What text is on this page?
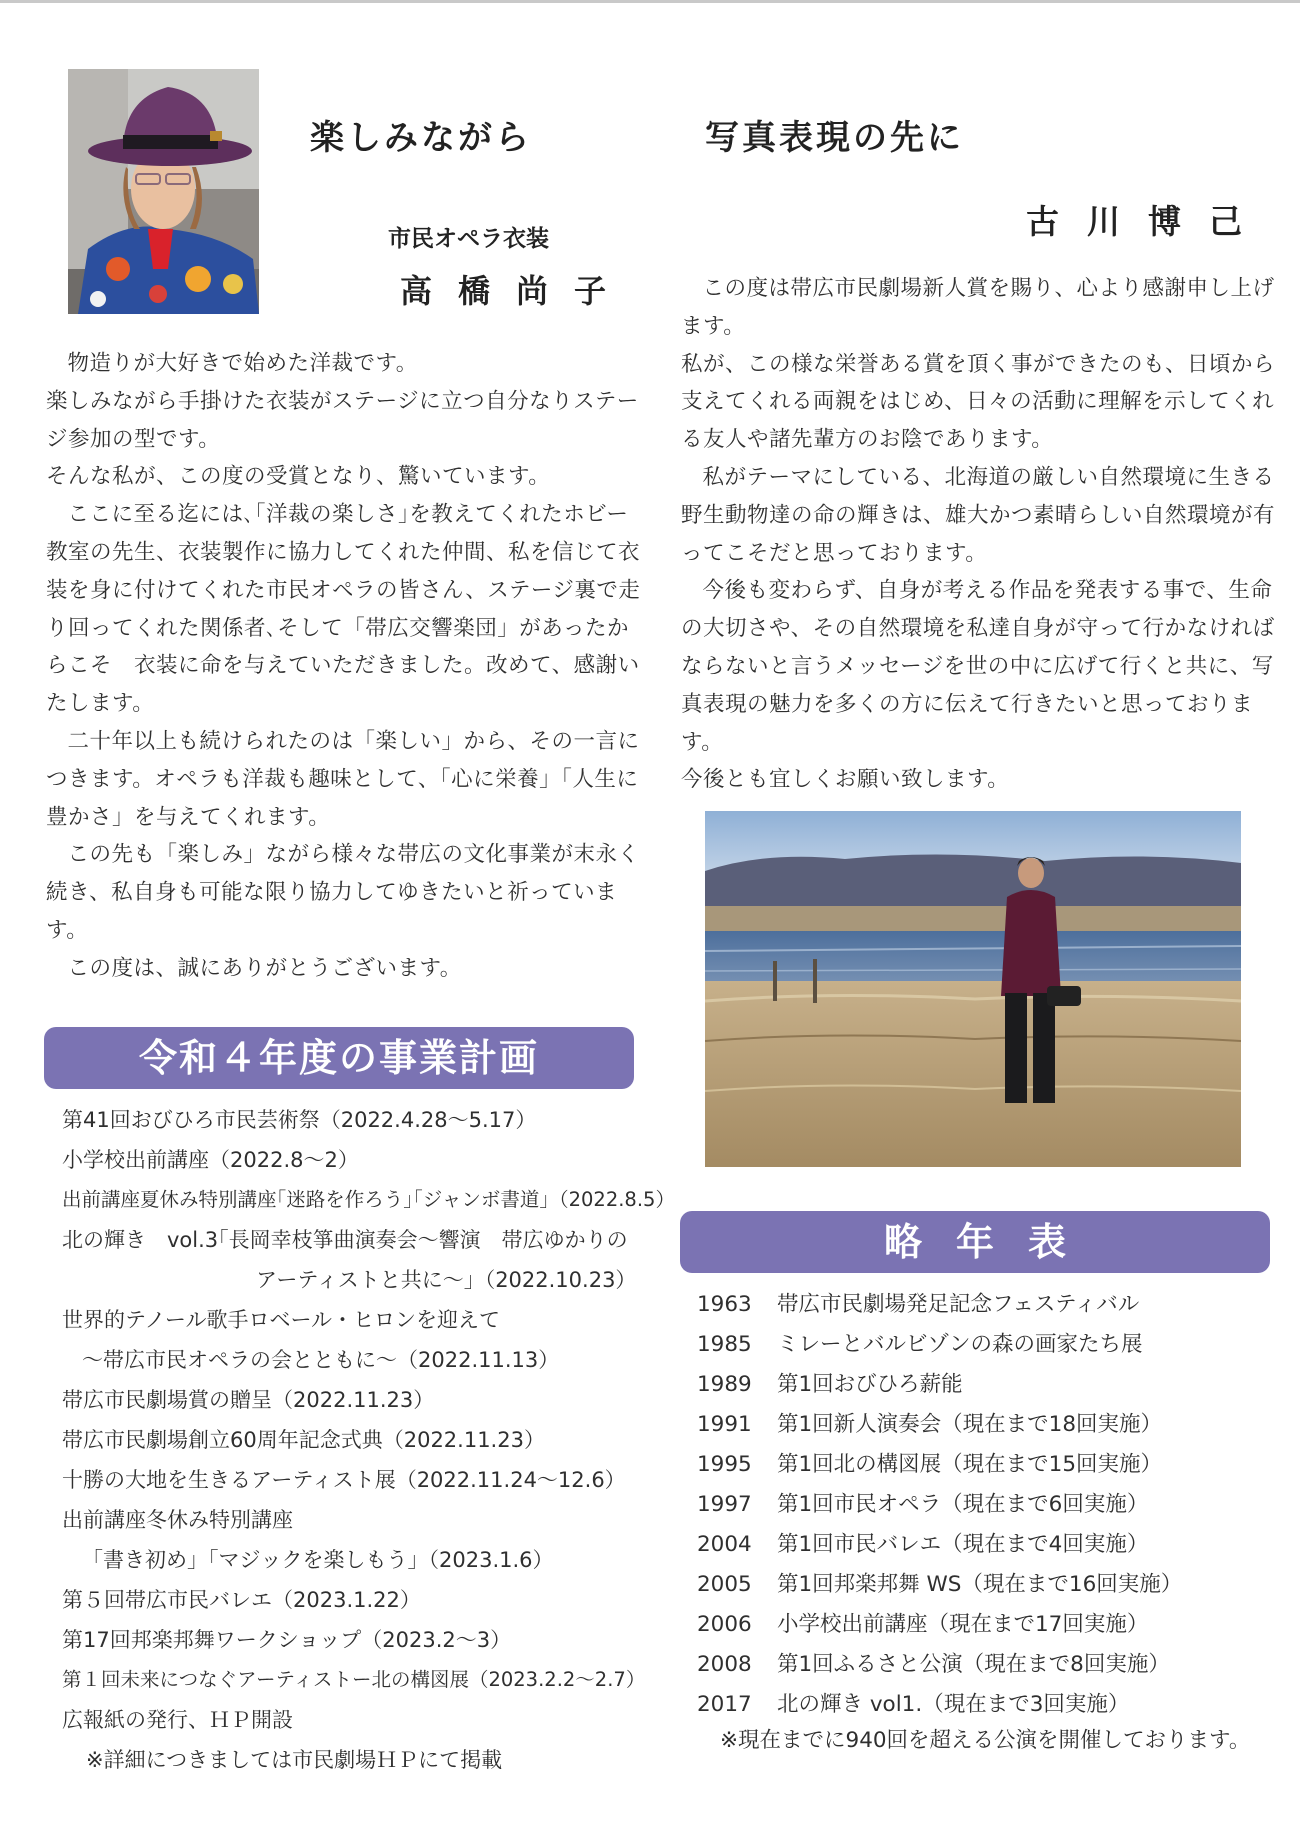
楽しみながら
市民オペラ衣装
高橋尚子

物造りが大好きで始めた洋裁です。

楽しみながら手掛けた衣装がステージに立つ自分なりステージ参加の型です。

そんな私が、この度の受賞となり、驚いています。

ここに至る迄には､｢洋裁の楽しさ｣を教えてくれたホビー教室の先生、衣装製作に協力してくれた仲間、私を信じて衣装を身に付けてくれた市民オペラの皆さん、ステージ裏で走り回ってくれた関係者､そして「帯広交響楽団」があったからこそ　衣装に命を与えていただきました。改めて、感謝いたします。

二十年以上も続けられたのは「楽しい」から、その一言につきます。オペラも洋裁も趣味として、「心に栄養」「人生に豊かさ」を与えてくれます。

この先も「楽しみ」ながら様々な帯広の文化事業が末永く続き、私自身も可能な限り協力してゆきたいと祈っています。

この度は、誠にありがとうございます。

写真表現の先に
古川博己

この度は帯広市民劇場新人賞を賜り、心より感謝申し上げます。

私が、この様な栄誉ある賞を頂く事ができたのも、日頃から支えてくれる両親をはじめ、日々の活動に理解を示してくれる友人や諸先輩方のお陰であります。

私がテーマにしている、北海道の厳しい自然環境に生きる野生動物達の命の輝きは、雄大かつ素晴らしい自然環境が有ってこそだと思っております。

今後も変わらず、自身が考える作品を発表する事で、生命の大切さや、その自然環境を私達自身が守って行かなければならないと言うメッセージを世の中に広げて行くと共に、写真表現の魅力を多くの方に伝えて行きたいと思っております。

今後とも宜しくお願い致します。

令和４年度の事業計画
第41回おびひろ市民芸術祭（2022.4.28～5.17）
小学校出前講座（2022.8～2）
出前講座夏休み特別講座｢迷路を作ろう｣｢ジャンボ書道｣（2022.8.5）
北の輝き　vol.3｢長岡幸枝箏曲演奏会～響演　帯広ゆかりの
アーティストと共に～」（2022.10.23）
世界的テノール歌手ロベール・ヒロンを迎えて
～帯広市民オペラの会とともに～（2022.11.13）
帯広市民劇場賞の贈呈（2022.11.23）
帯広市民劇場創立60周年記念式典（2022.11.23）
十勝の大地を生きるアーティスト展（2022.11.24～12.6）
出前講座冬休み特別講座
「書き初め」「マジックを楽しもう」（2023.1.6）
第５回帯広市民バレエ（2023.1.22）
第17回邦楽邦舞ワークショップ（2023.2～3）
第１回未来につなぐアーティストー北の構図展（2023.2.2～2.7）
広報紙の発行、ＨＰ開設
※詳細につきましては市民劇場ＨＰにて掲載
略年表
1963	帯広市民劇場発足記念フェスティバル
1985	ミレーとバルビゾンの森の画家たち展
1989	第1回おびひろ薪能
1991	第1回新人演奏会（現在まで18回実施）
1995	第1回北の構図展（現在まで15回実施）
1997	第1回市民オペラ（現在まで6回実施）
2004	第1回市民バレエ（現在まで4回実施）
2005	第1回邦楽邦舞 WS（現在まで16回実施）
2006	小学校出前講座（現在まで17回実施）
2008	第1回ふるさと公演（現在まで8回実施）
2017	北の輝き vol1.（現在まで3回実施）
※現在までに940回を超える公演を開催しております。
